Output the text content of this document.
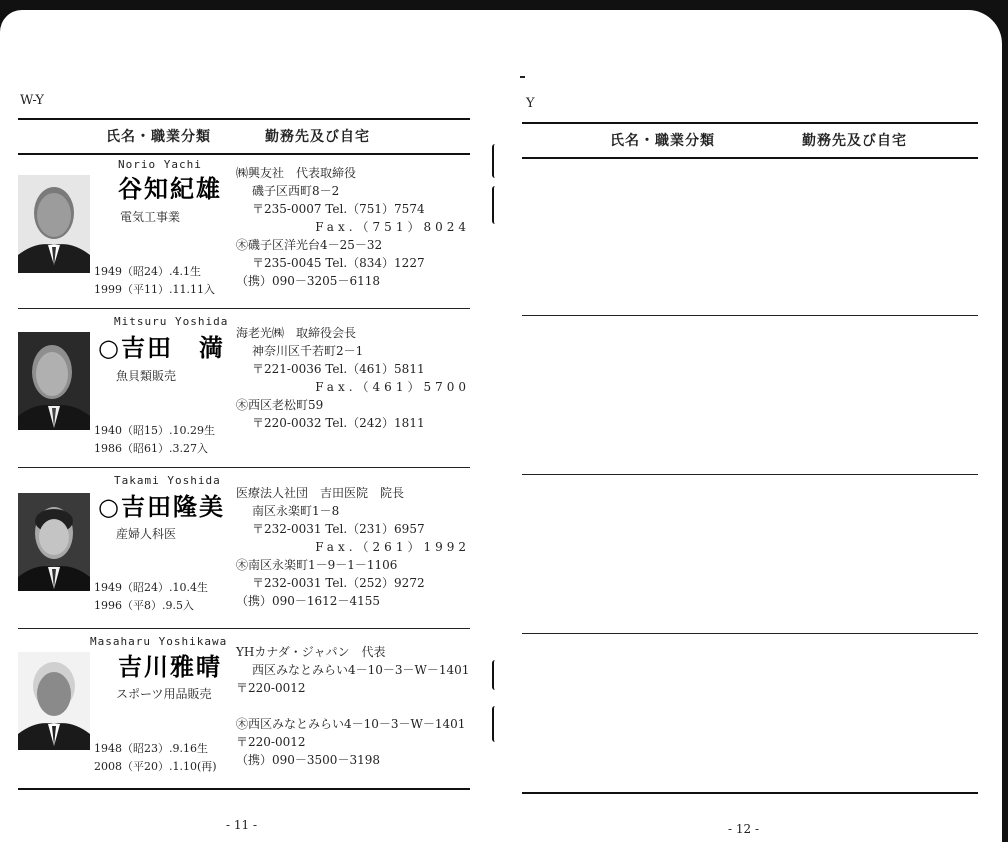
W-Y
氏名・職業分類	勤務先及び自宅
Norio Yachi
谷知紀雄
電気工事業
1949（昭24）.4.1生
1999（平11）.11.11入
㈱興友社　代表取締役
磯子区西町8－2
〒235-0007 Tel.（751）7574
Fax.（751）8024
㊍磯子区洋光台4－25－32
〒235-0045 Tel.（834）1227
（携）090－3205－6118
Mitsuru Yoshida
○吉田　満
魚貝類販売
1940（昭15）.10.29生
1986（昭61）.3.27入
海老光㈱　取締役会長
神奈川区千若町2－1
〒221-0036 Tel.（461）5811
Fax.（461）5700
㊍西区老松町59
〒220-0032 Tel.（242）1811
Takami Yoshida
○吉田隆美
産婦人科医
1949（昭24）.10.4生
1996（平8）.9.5入
医療法人社団　吉田医院　院長
南区永楽町1－8
〒232-0031 Tel.（231）6957
Fax.（261）1992
㊍南区永楽町1－9－1－1106
〒232-0031 Tel.（252）9272
（携）090－1612－4155
Masaharu Yoshikawa
吉川雅晴
スポーツ用品販売
1948（昭23）.9.16生
2008（平20）.1.10(再)
YHカナダ・ジャパン　代表
西区みなとみらい4－10－3－W－1401
〒220-0012

㊍西区みなとみらい4－10－3－W－1401
〒220-0012
（携）090－3500－3198
- 11 -
Y
氏名・職業分類	勤務先及び自宅
- 12 -
